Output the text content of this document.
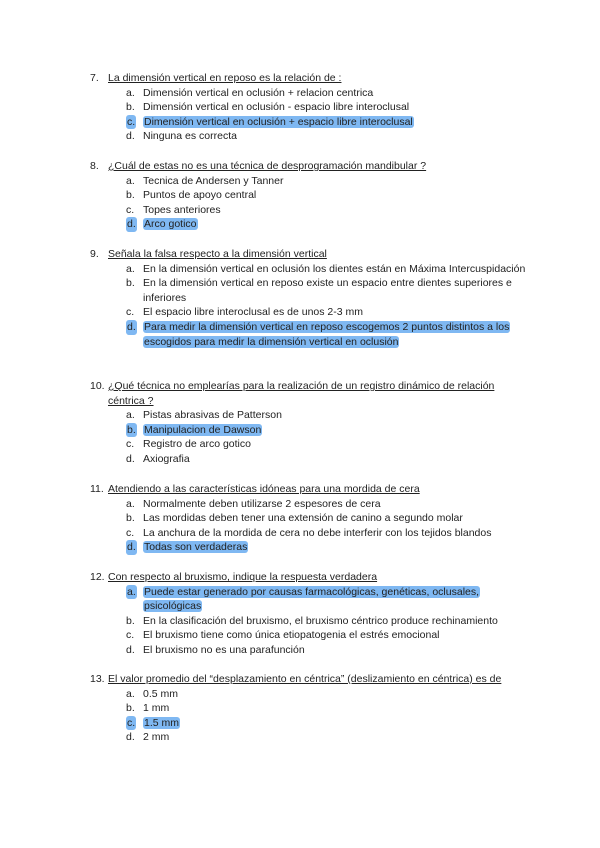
7. La dimensión vertical en reposo es la relación de :
a. Dimensión vertical en oclusión + relacion centrica
b. Dimensión vertical en oclusión - espacio libre interoclusal
c. Dimensión vertical en oclusión + espacio libre interoclusal
d. Ninguna es correcta
8. ¿Cuál de estas no es una técnica de desprogramación mandibular ?
a. Tecnica de Andersen y Tanner
b. Puntos de apoyo central
c. Topes anteriores
d. Arco gotico
9. Señala la falsa respecto a la dimensión vertical
a. En la dimensión vertical en oclusión los dientes están en Máxima Intercuspidación
b. En la dimensión vertical en reposo existe un espacio entre dientes superiores e inferiores
c. El espacio libre interoclusal es de unos 2-3 mm
d. Para medir la dimensión vertical en reposo escogemos 2 puntos distintos a los escogidos para medir la dimensión vertical en oclusión
10. ¿Qué técnica no emplearías para la realización de un registro dinámico de relación céntrica ?
a. Pistas abrasivas de Patterson
b. Manipulacion de Dawson
c. Registro de arco gotico
d. Axiografia
11. Atendiendo a las características idóneas para una mordida de cera
a. Normalmente deben utilizarse 2 espesores de cera
b. Las mordidas deben tener una extensión de canino a segundo molar
c. La anchura de la mordida de cera no debe interferir con los tejidos blandos
d. Todas son verdaderas
12. Con respecto al bruxismo, indique la respuesta verdadera
a. Puede estar generado por causas farmacológicas, genéticas, oclusales, psicológicas
b. En la clasificación del bruxismo, el bruxismo céntrico produce rechinamiento
c. El bruxismo tiene como única etiopatogenia el estrés emocional
d. El bruxismo no es una parafunción
13. El valor promedio del “desplazamiento en céntrica” (deslizamiento en céntrica) es de
a. 0.5 mm
b. 1 mm
c. 1.5 mm
d. 2 mm
